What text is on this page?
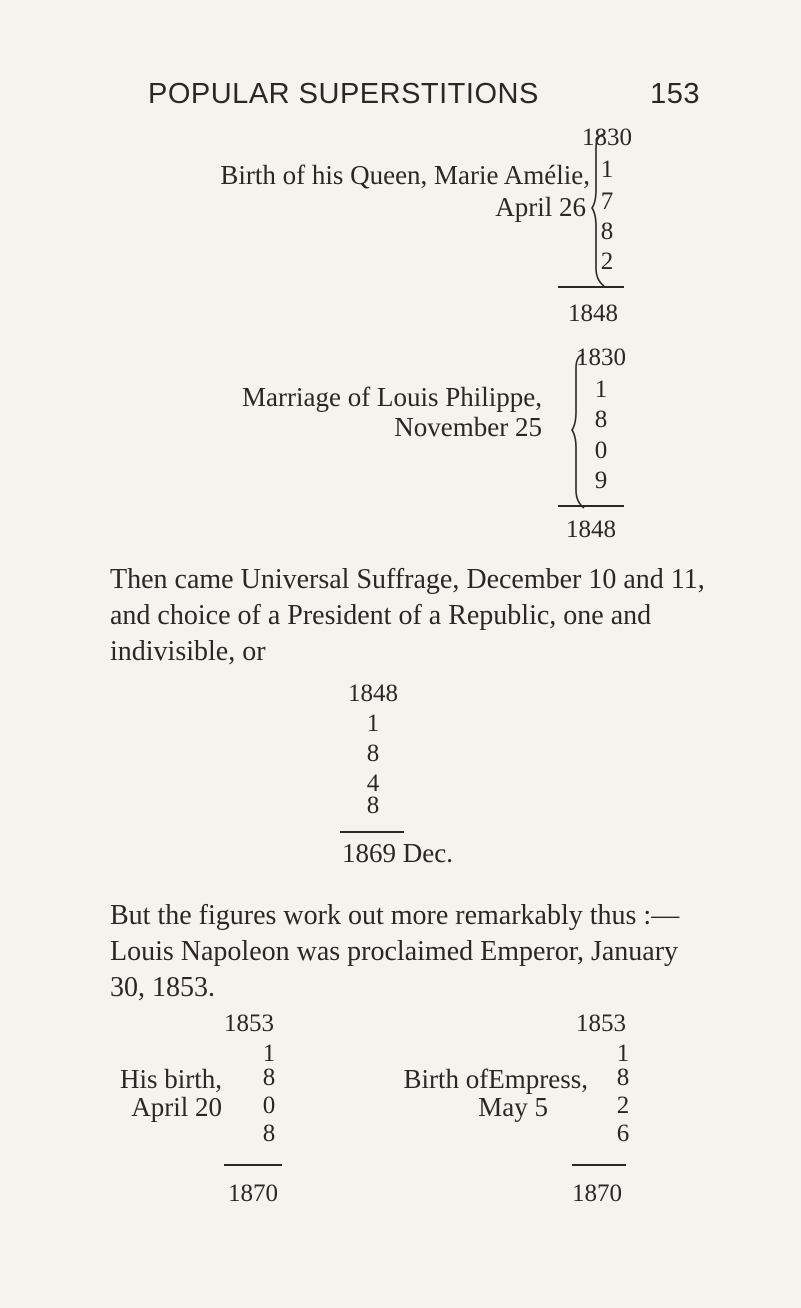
POPULAR SUPERSTITIONS	153
Birth of his Queen, Marie Amélie,
April 26
1830
1
7
8
2
1848
Marriage of Louis Philippe,
November 25
1830
1
8
0
9
1848
Then came Universal Suffrage, December 10 and 11, and choice of a President of a Republic, one and indivisible, or
1848
1
8
4
8
1869 Dec.
But the figures work out more remarkably thus :— Louis Napoleon was proclaimed Emperor, January 30, 1853.
1853
1
His birth,	8
April 20	0
8
1870
1853
1
Birth ofEmpress,	8
May 5	2
6
1870
